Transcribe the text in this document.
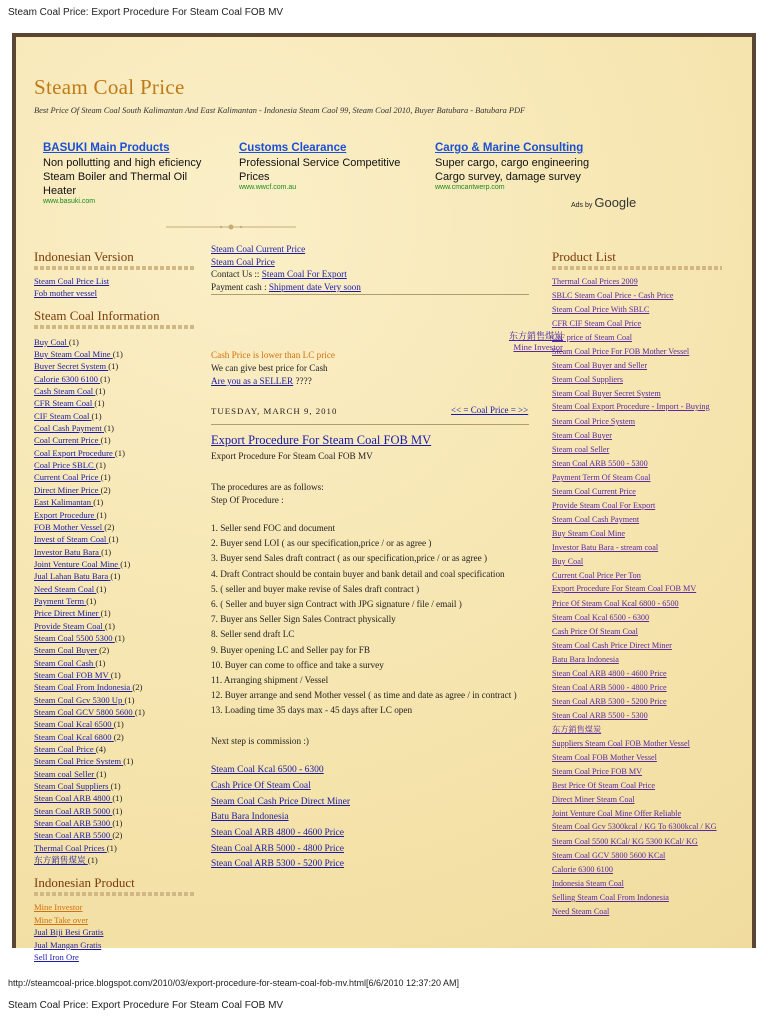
Steam Coal Price: Export Procedure For Steam Coal FOB MV
Steam Coal Price
Best Price Of Steam Coal South Kalimantan And East Kalimantan - Indonesia Steam Caol 99, Steam Coal 2010, Buyer Batubara - Batubara PDF
BASUKI Main Products
Non pollutting and high eficiency Steam Boiler and Thermal Oil Heater
www.basuki.com
Customs Clearance
Professional Service Competitive Prices
www.wwcf.com.au
Cargo & Marine Consulting
Super cargo, cargo engineering Cargo survey, damage survey
www.cmcantwerp.com
Ads by Google
Indonesian Version
Steam Coal Price List
Fob mother vessel
Steam Coal Information
Buy Coal (1)
Buy Steam Coal Mine (1)
Buyer Secret System (1)
Calorie 6300 6100 (1)
Cash Steam Coal (1)
CFR Steam Coal (1)
CIF Steam Coal (1)
Coal Cash Payment (1)
Coal Current Price (1)
Coal Export Procedure (1)
Coal Price SBLC (1)
Current Coal Price (1)
Direct Miner Price (2)
East Kalimantan (1)
Export Procedure (1)
FOB Mother Vessel (2)
Invest of Steam Coal (1)
Investor Batu Bara (1)
Joint Venture Coal Mine (1)
Jual Lahan Batu Bara (1)
Need Steam Coal (1)
Payment Term (1)
Price Direct Miner (1)
Provide Steam Coal (1)
Steam Coal 5500 5300 (1)
Steam Coal Buyer (2)
Steam Coal Cash (1)
Steam Coal FOB MV (1)
Steam Coal From Indonesia (2)
Steam Coal Gcv 5300 Up (1)
Steam Coal GCV 5800 5600 (1)
Steam Coal Kcal 6500 (1)
Steam Coal Kcal 6800 (2)
Steam Coal Price (4)
Steam Coal Price System (1)
Steam coal Seller (1)
Steam Coal Suppliers (1)
Stean Coal ARB 4800 (1)
Stean Coal ARB 5000 (1)
Stean Coal ARB 5300 (1)
Stean Coal ARB 5500 (2)
Thermal Coal Prices (1)
东方銷售煤炭 (1)
Indonesian Product
Mine Investor
Mine Take over
Jual Biji Besi Gratis
Jual Mangan Gratis
Sell Iron Ore
Steam Coal Current Price
Steam Coal Price
Contact Us :: Steam Coal For Export
Payment cash : Shipment date Very soon
东方銷售煤炭
Mine Investor
Cash Price is lower than LC price
We can give best price for Cash
Are you as a SELLER ????
TUESDAY, MARCH 9, 2010	<< = Coal Price = >>
Export Procedure For Steam Coal FOB MV
Export Procedure For Steam Coal FOB MV
The procedures are as follows:
Step Of Procedure :
1. Seller send FOC and document
2. Buyer send LOI ( as our specification,price / or as agree )
3. Buyer send Sales draft contract ( as our specification,price / or as agree )
4. Draft Contract should be contain buyer and bank detail and coal specification
5. ( seller and buyer make revise of Sales draft contract )
6. ( Seller and buyer sign Contract with JPG signature / file / email )
7. Buyer ans Seller Sign Sales Contract physically
8. Seller send draft LC
9. Buyer opening LC and Seller pay for FB
10. Buyer can come to office and take a survey
11. Arranging shipment / Vessel
12. Buyer arrange and send Mother vessel ( as time and date as agree / in contract )
13. Loading time 35 days max - 45 days after LC open
Next step is commission :)
Steam Coal Kcal 6500 - 6300
Cash Price Of Steam Coal
Steam Coal Cash Price Direct Miner
Batu Bara Indonesia
Stean Coal ARB 4800 - 4600 Price
Stean Coal ARB 5000 - 4800 Price
Stean Coal ARB 5300 - 5200 Price
Product List
Thermal Coal Prices 2009
SBLC Steam Coal Price - Cash Price
Steam Coal Price With SBLC
CFR CIF Steam Coal Price
CIF price of Steam Coal
Steam Coal Price For FOB Mother Vessel
Steam Coal Buyer and Seller
Steam Coal Suppliers
Steam Coal Buyer Secret System
Steam Coal Export Procedure - Import - Buying
Steam Coal Price System
Steam Coal Buyer
Steam coal Seller
Stean Coal ARB 5500 - 5300
Payment Term Of Steam Coal
Steam Coal Current Price
Provide Steam Coal For Export
Steam Coal Cash Payment
Buy Steam Coal Mine
Investor Batu Bara - stream coal
Buy Coal
Current Coal Price Per Ton
Export Procedure For Steam Coal FOB MV
Price Of Steam Coal Kcal 6800 - 6500
Steam Coal Kcal 6500 - 6300
Cash Price Of Steam Coal
Steam Coal Cash Price Direct Miner
Batu Bara Indonesia
Stean Coal ARB 4800 - 4600 Price
Stean Coal ARB 5000 - 4800 Price
Stean Coal ARB 5300 - 5200 Price
Stean Coal ARB 5500 - 5300
东方銷售煤炭
Suppliers Steam Coal FOB Mother Vessel
Steam Coal FOB Mother Vessel
Steam Coal Price FOB MV
Best Price Of Steam Coal Price
Direct Miner Steam Coal
Joint Venture Coal Mine Offer Reliable
Steam Coal Gcv 5300kcal / KG To 6300kcal / KG
Steam Coal 5500 KCal/ KG 5300 KCal/ KG
Steam Coal GCV 5800 5600 KCal
Calorie 6300 6100
Indonesia Steam Coal
Selling Steam Coal From Indonesia
Need Steam Coal
http://steamcoal-price.blogspot.com/2010/03/export-procedure-for-steam-coal-fob-mv.html[6/6/2010 12:37:20 AM]
Steam Coal Price: Export Procedure For Steam Coal FOB MV
